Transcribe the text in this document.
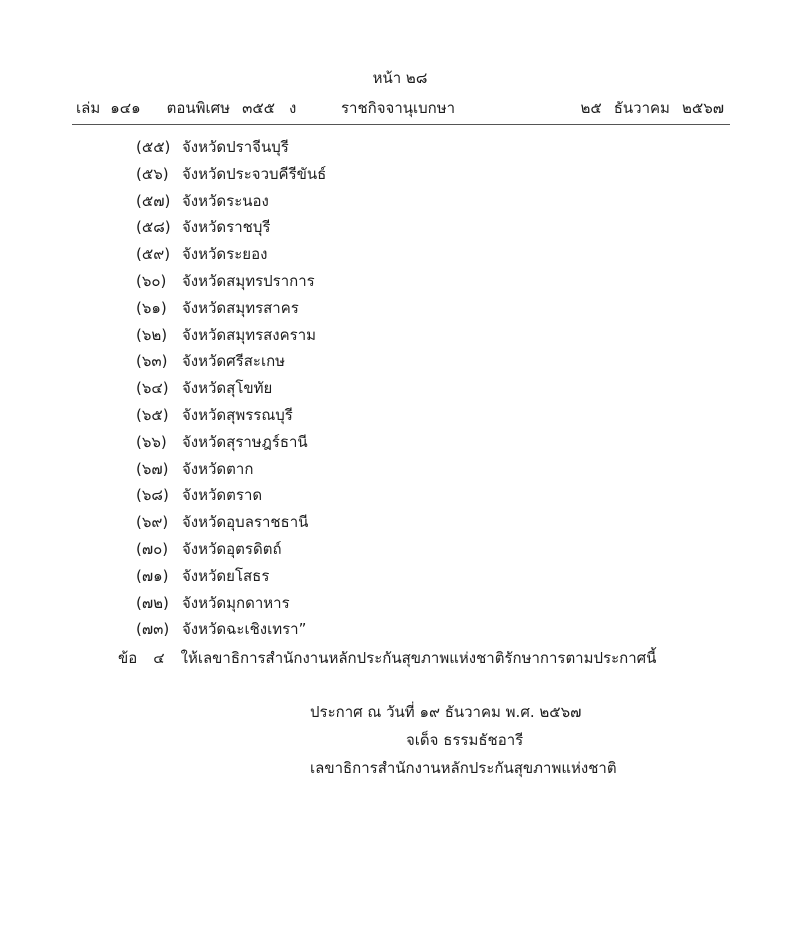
หน้า ๒๘
เล่ม ๑๔๑ ตอนพิเศษ ๓๕๕ ง	ราชกิจจานุเบกษา	๒๕ ธันวาคม ๒๕๖๗
(๕๕) จังหวัดปราจีนบุรี
(๕๖) จังหวัดประจวบคีรีขันธ์
(๕๗) จังหวัดระนอง
(๕๘) จังหวัดราชบุรี
(๕๙) จังหวัดระยอง
(๖๐) จังหวัดสมุทรปราการ
(๖๑) จังหวัดสมุทรสาคร
(๖๒) จังหวัดสมุทรสงคราม
(๖๓) จังหวัดศรีสะเกษ
(๖๔) จังหวัดสุโขทัย
(๖๕) จังหวัดสุพรรณบุรี
(๖๖) จังหวัดสุราษฎร์ธานี
(๖๗) จังหวัดตาก
(๖๘) จังหวัดตราด
(๖๙) จังหวัดอุบลราชธานี
(๗๐) จังหวัดอุตรดิตถ์
(๗๑) จังหวัดยโสธร
(๗๒) จังหวัดมุกดาหาร
(๗๓) จังหวัดฉะเชิงเทรา”
ข้อ ๔ ให้เลขาธิการสำนักงานหลักประกันสุขภาพแห่งชาติรักษาการตามประกาศนี้
ประกาศ ณ วันที่ ๑๙ ธันวาคม พ.ศ. ๒๕๖๗
จเด็จ ธรรมธัชอารี
เลขาธิการสำนักงานหลักประกันสุขภาพแห่งชาติ
